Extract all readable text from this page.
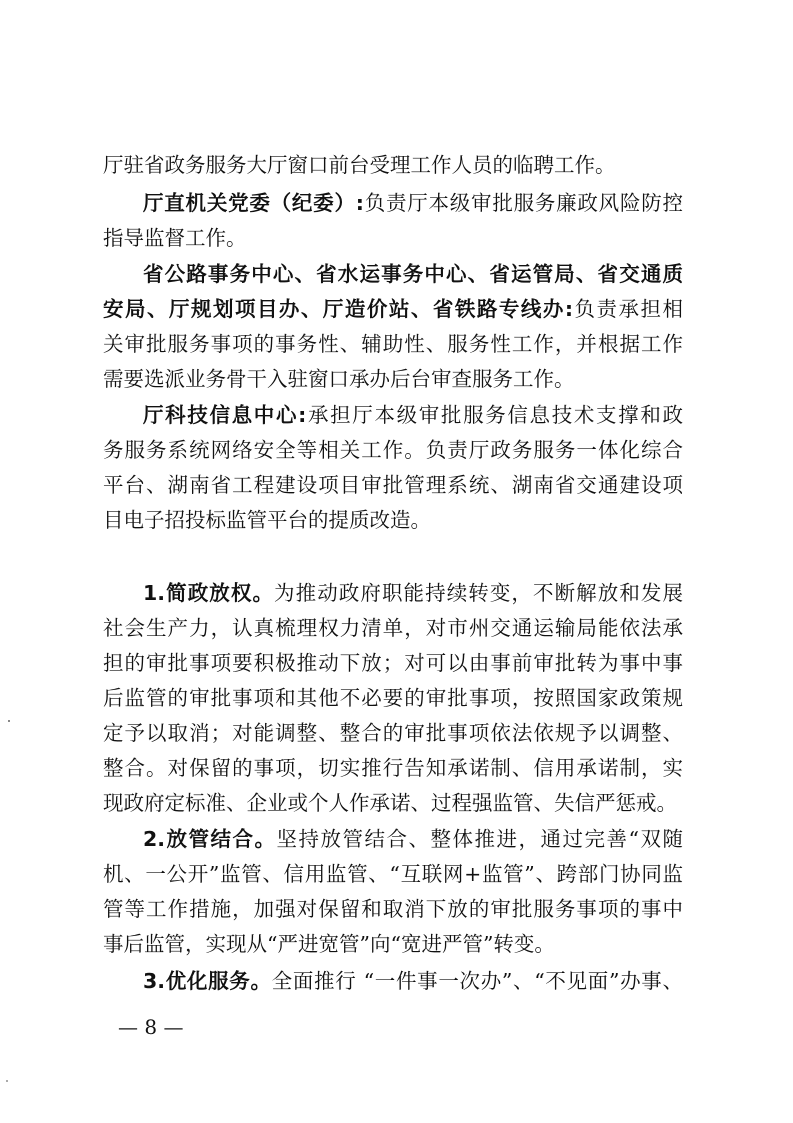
厅驻省政务服务大厅窗口前台受理工作人员的临聘工作。
厅直机关党委（纪委）:负责厅本级审批服务廉政风险防控
指导监督工作。
省公路事务中心、省水运事务中心、省运管局、省交通质
安局、厅规划项目办、厅造价站、省铁路专线办:负责承担相
关审批服务事项的事务性、辅助性、服务性工作，并根据工作
需要选派业务骨干入驻窗口承办后台审查服务工作。
厅科技信息中心:承担厅本级审批服务信息技术支撑和政
务服务系统网络安全等相关工作。负责厅政务服务一体化综合
平台、湖南省工程建设项目审批管理系统、湖南省交通建设项
目电子招投标监管平台的提质改造。
1.简政放权。为推动政府职能持续转变，不断解放和发展
社会生产力，认真梳理权力清单，对市州交通运输局能依法承
担的审批事项要积极推动下放；对可以由事前审批转为事中事
后监管的审批事项和其他不必要的审批事项，按照国家政策规
定予以取消；对能调整、整合的审批事项依法依规予以调整、
整合。对保留的事项，切实推行告知承诺制、信用承诺制，实
现政府定标准、企业或个人作承诺、过程强监管、失信严惩戒。
2.放管结合。坚持放管结合、整体推进，通过完善“双随
机、一公开”监管、信用监管、“互联网+监管”、跨部门协同监
管等工作措施，加强对保留和取消下放的审批服务事项的事中
事后监管，实现从“严进宽管”向“宽进严管”转变。
3.优化服务。全面推行 “一件事一次办”、“不见面”办事、
— 8 —
